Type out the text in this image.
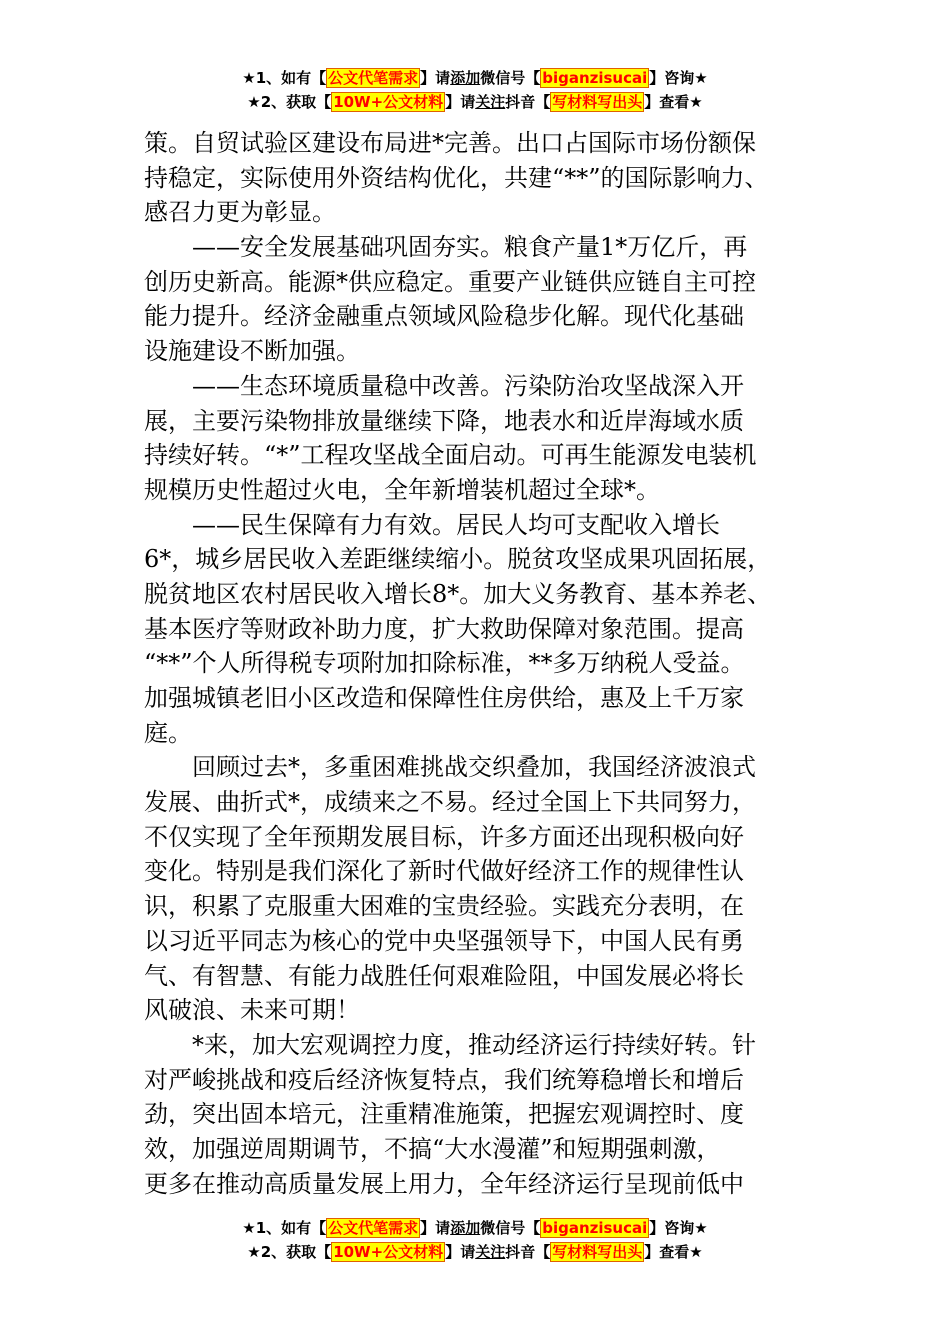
★1、如有【 公文代笔需求 】请添加微信号【 biganzisucai 】咨询★
★2、获取【 10W+公文材料 】请关注抖音【 写材料写出头 】查看★
策。自贸试验区建设布局进*完善。出口占国际市场份额保
持稳定，实际使用外资结构优化，共建“**”的国际影响力、
感召力更为彰显。
——安全发展基础巩固夯实。粮食产量1*万亿斤，再
创历史新高。能源*供应稳定。重要产业链供应链自主可控
能力提升。经济金融重点领域风险稳步化解。现代化基础
设施建设不断加强。
——生态环境质量稳中改善。污染防治攻坚战深入开
展，主要污染物排放量继续下降，地表水和近岸海域水质
持续好转。“*”工程攻坚战全面启动。可再生能源发电装机
规模历史性超过火电，全年新增装机超过全球*。
——民生保障有力有效。居民人均可支配收入增长
6*，城乡居民收入差距继续缩小。脱贫攻坚成果巩固拓展，
脱贫地区农村居民收入增长8*。加大义务教育、基本养老、
基本医疗等财政补助力度，扩大救助保障对象范围。提高
“**”个人所得税专项附加扣除标准，**多万纳税人受益。
加强城镇老旧小区改造和保障性住房供给，惠及上千万家
庭。
回顾过去*，多重困难挑战交织叠加，我国经济波浪式
发展、曲折式*，成绩来之不易。经过全国上下共同努力，
不仅实现了全年预期发展目标，许多方面还出现积极向好
变化。特别是我们深化了新时代做好经济工作的规律性认
识，积累了克服重大困难的宝贵经验。实践充分表明，在
以习近平同志为核心的党中央坚强领导下，中国人民有勇
气、有智慧、有能力战胜任何艰难险阻，中国发展必将长
风破浪、未来可期！
*来，加大宏观调控力度，推动经济运行持续好转。针
对严峻挑战和疫后经济恢复特点，我们统筹稳增长和增后
劲，突出固本培元，注重精准施策，把握宏观调控时、度
效，加强逆周期调节，不搞“大水漫灌”和短期强刺激，
更多在推动高质量发展上用力，全年经济运行呈现前低中
★1、如有【 公文代笔需求 】请添加微信号【 biganzisucai 】咨询★
★2、获取【 10W+公文材料 】请关注抖音【 写材料写出头 】查看★
